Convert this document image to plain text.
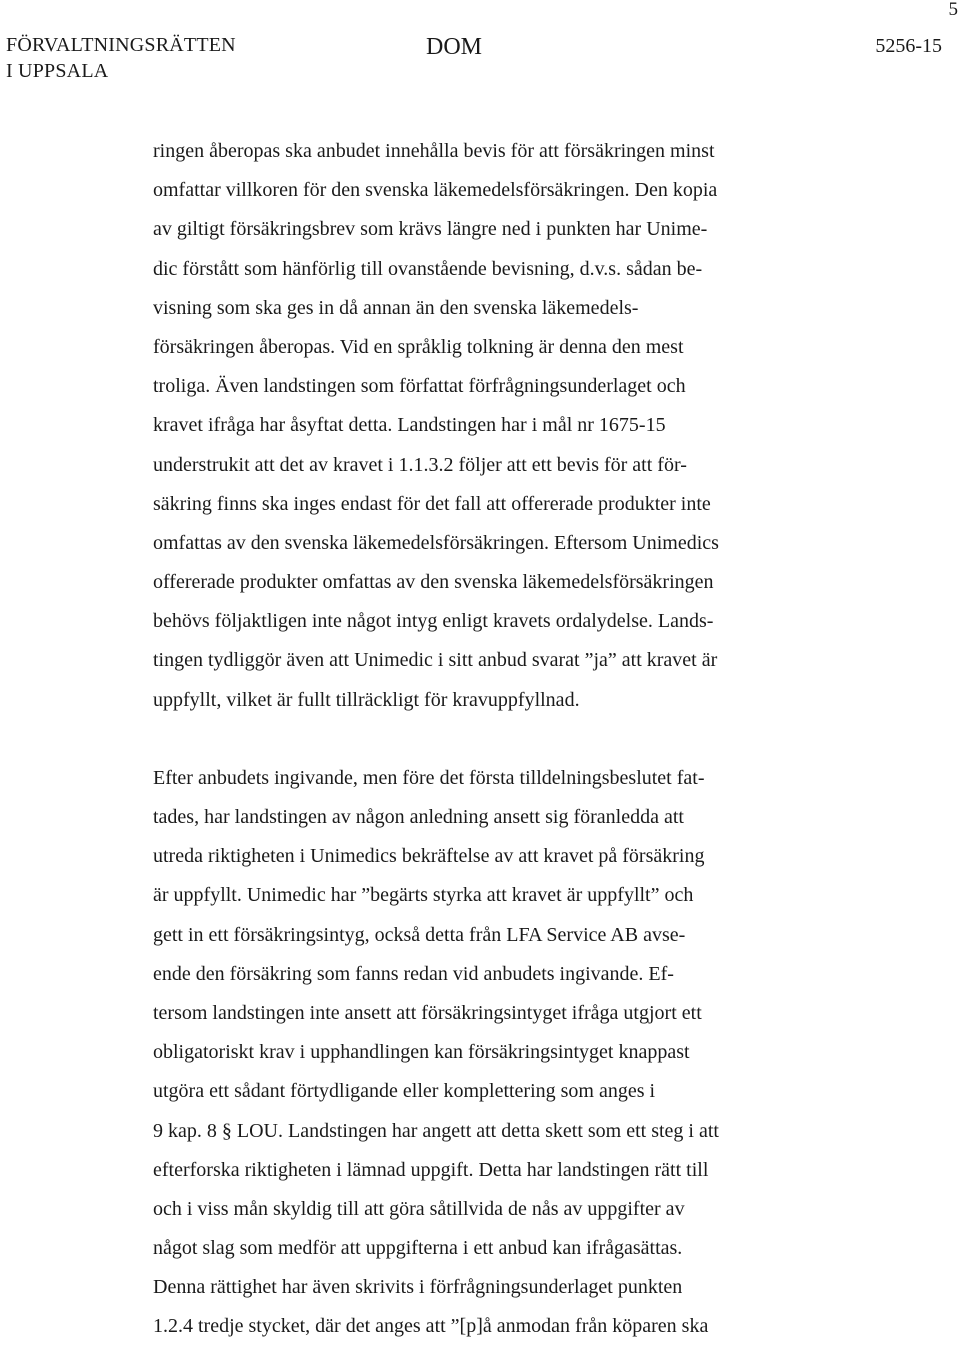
5
FÖRVALTNINGSRÄTTEN
I UPPSALA
DOM	5256-15
ringen åberopas ska anbudet innehålla bevis för att försäkringen minst
omfattar villkoren för den svenska läkemedelsförsäkringen. Den kopia
av giltigt försäkringsbrev som krävs längre ned i punkten har Unime-
dic förstått som hänförlig till ovanstående bevisning, d.v.s. sådan be-
visning som ska ges in då annan än den svenska läkemedels-
försäkringen åberopas. Vid en språklig tolkning är denna den mest
troliga. Även landstingen som författat förfrågningsunderlaget och
kravet ifråga har åsyftat detta. Landstingen har i mål nr 1675-15
understrukit att det av kravet i 1.1.3.2 följer att ett bevis för att för-
säkring finns ska inges endast för det fall att offererade produkter inte
omfattas av den svenska läkemedelsförsäkringen. Eftersom Unimedics
offererade produkter omfattas av den svenska läkemedelsförsäkringen
behövs följaktligen inte något intyg enligt kravets ordalydelse. Lands-
tingen tydliggör även att Unimedic i sitt anbud svarat ”ja” att kravet är
uppfyllt, vilket är fullt tillräckligt för kravuppfyllnad.
Efter anbudets ingivande, men före det första tilldelningsbeslutet fat-
tades, har landstingen av någon anledning ansett sig föranledda att
utreda riktigheten i Unimedics bekräftelse av att kravet på försäkring
är uppfyllt. Unimedic har ”begärts styrka att kravet är uppfyllt” och
gett in ett försäkringsintyg, också detta från LFA Service AB avse-
ende den försäkring som fanns redan vid anbudets ingivande. Ef-
tersom landstingen inte ansett att försäkringsintyget ifråga utgjort ett
obligatoriskt krav i upphandlingen kan försäkringsintyget knappast
utgöra ett sådant förtydligande eller komplettering som anges i
9 kap. 8 § LOU. Landstingen har angett att detta skett som ett steg i att
efterforska riktigheten i lämnad uppgift. Detta har landstingen rätt till
och i viss mån skyldig till att göra såtillvida de nås av uppgifter av
något slag som medför att uppgifterna i ett anbud kan ifrågasättas.
Denna rättighet har även skrivits i förfrågningsunderlaget punkten
1.2.4 tredje stycket, där det anges att ”[p]å anmodan från köparen ska
